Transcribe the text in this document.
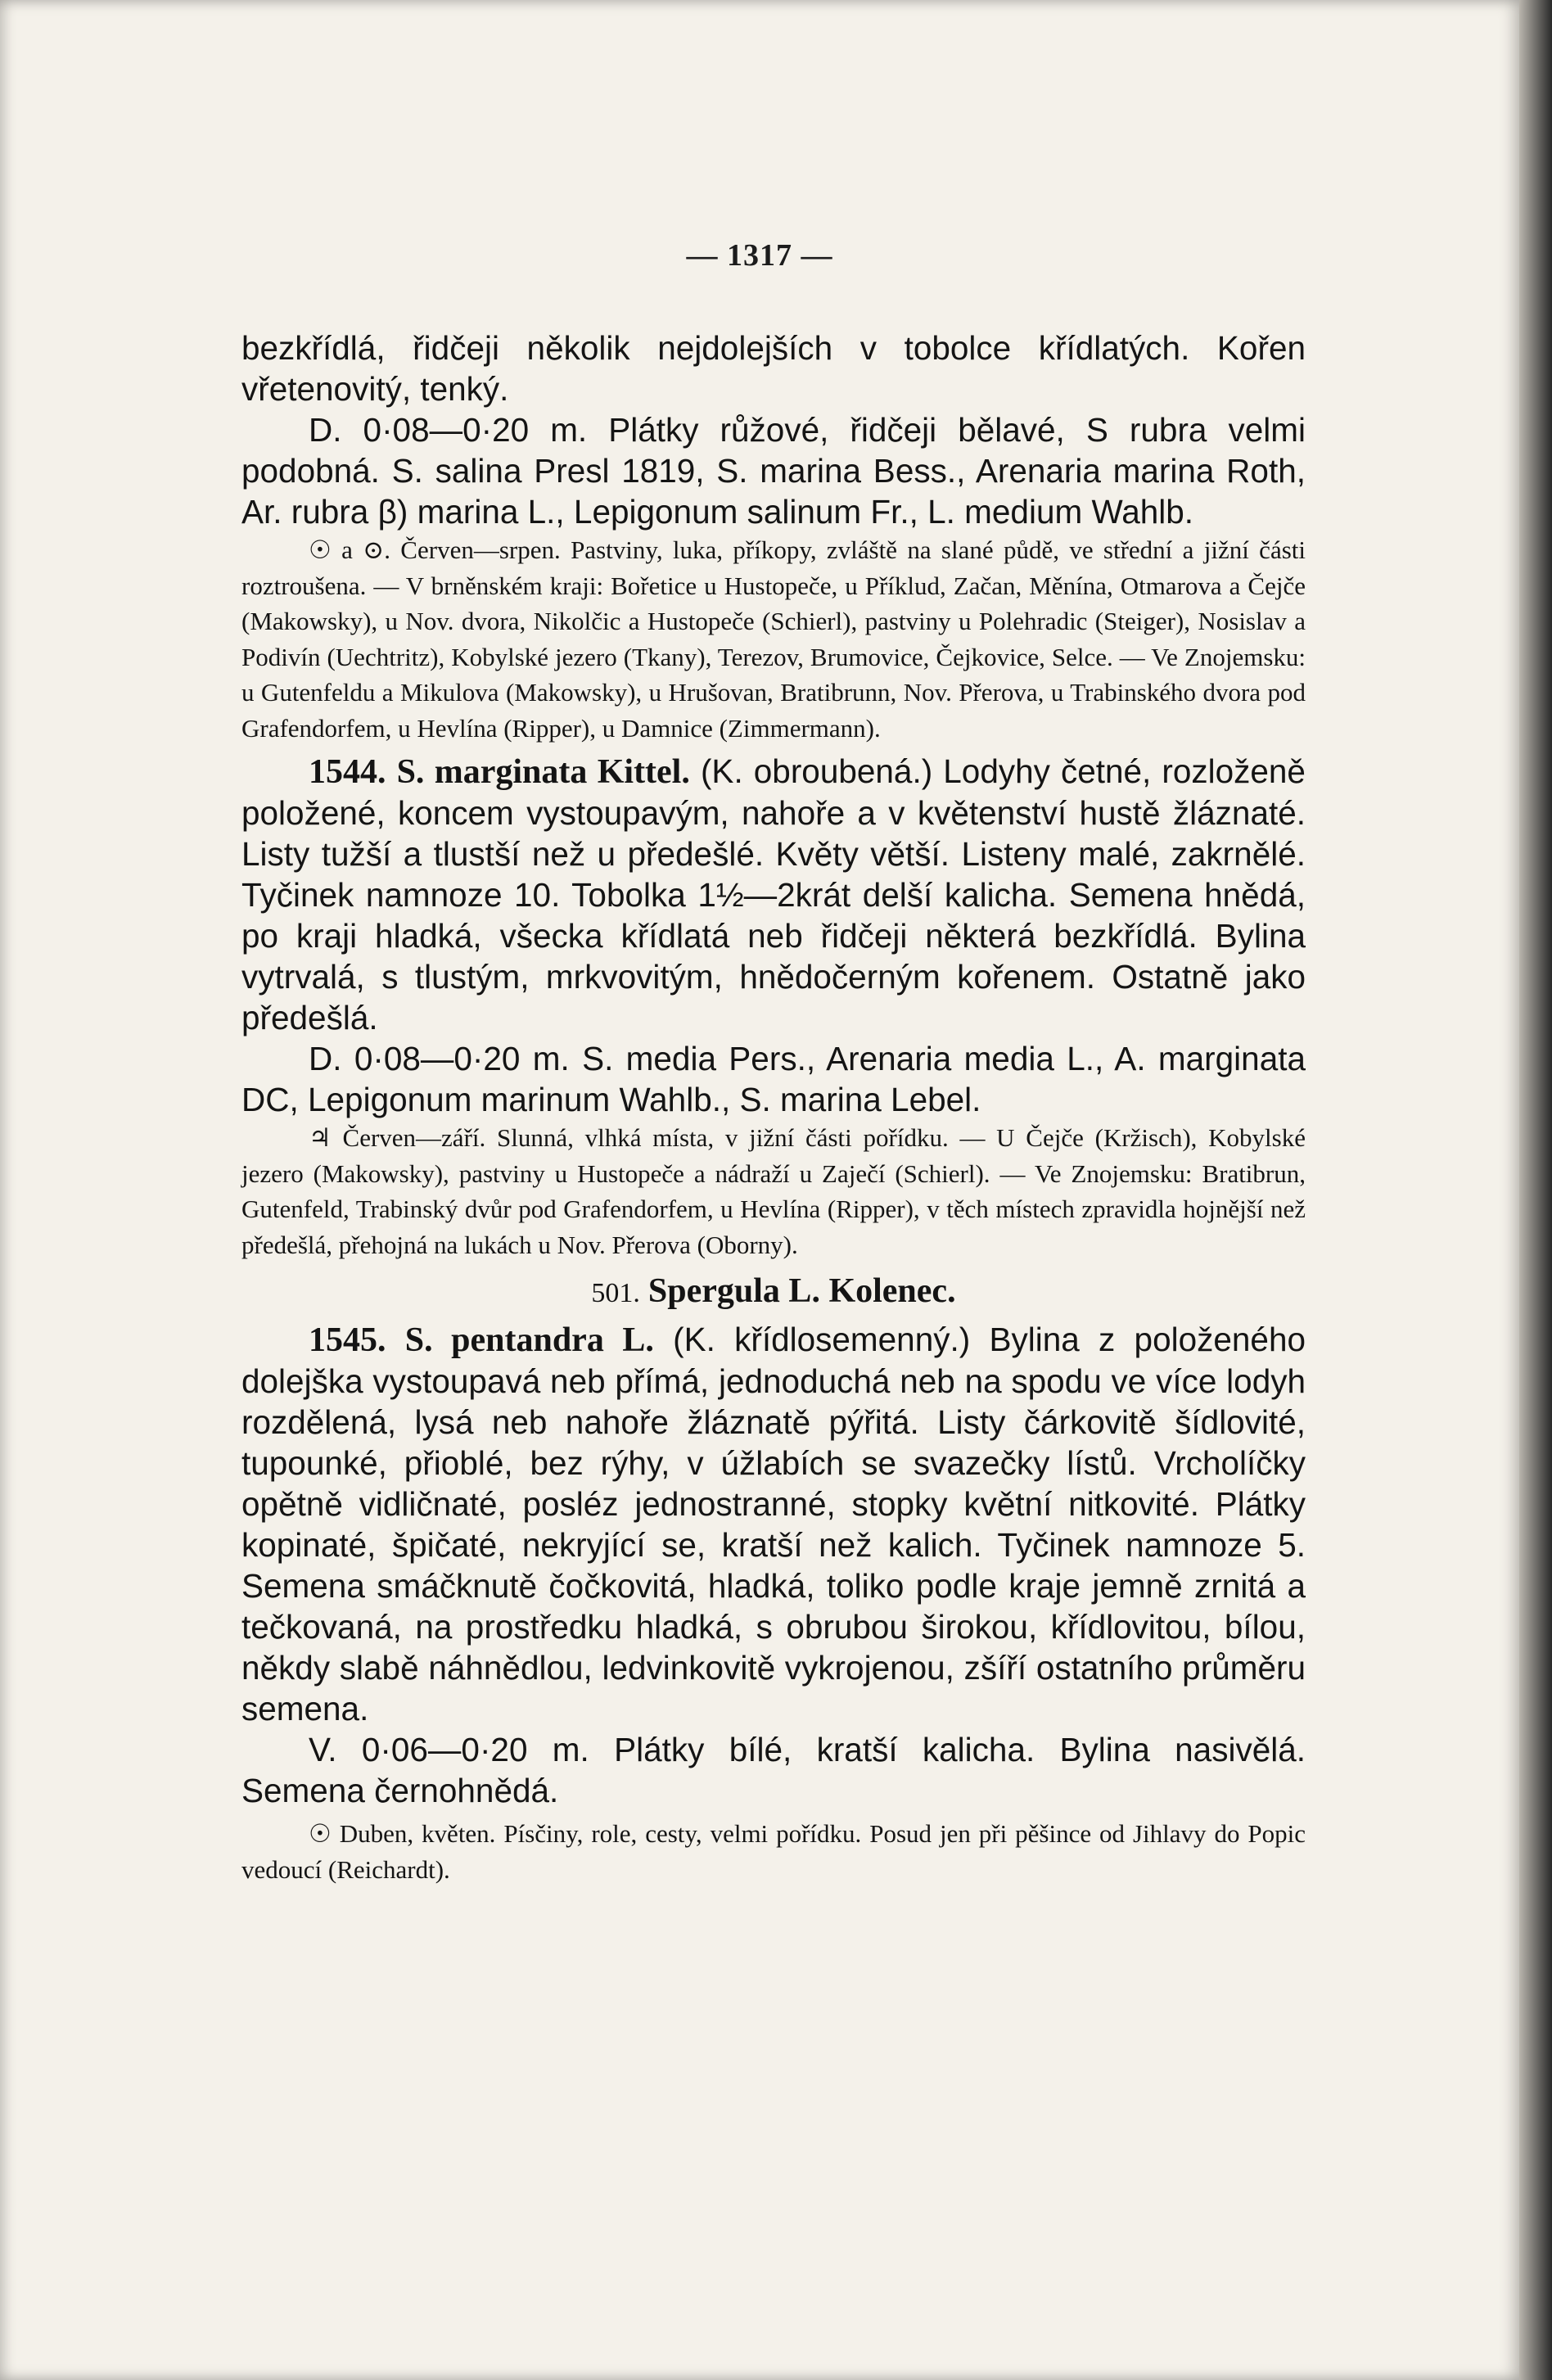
— 1317 —

bezkřídlá, řidčeji několik nejdolejších v tobolce křídlatých. Kořen vřetenovitý, tenký.

D. 0·08—0·20 m. Plátky růžové, řidčeji bělavé, S rubra velmi podobná. S. salina Presl 1819, S. marina Bess., Arenaria marina Roth, Ar. rubra β) marina L., Lepigonum salinum Fr., L. medium Wahlb.

☉ a ⊙. Červen—srpen. Pastviny, luka, příkopy, zvláště na slané půdě, ve střední a jižní části roztroušena. — V brněnském kraji: Bořetice u Hustopeče, u Příklud, Začan, Měnína, Otmarova a Čejče (Makowsky), u Nov. dvora, Nikolčic a Hustopeče (Schierl), pastviny u Polehradic (Steiger), Nosislav a Podivín (Uechtritz), Kobylské jezero (Tkany), Terezov, Brumovice, Čejkovice, Selce. — Ve Znojemsku: u Gutenfeldu a Mikulova (Makowsky), u Hrušovan, Bratibrunn, Nov. Přerova, u Trabinského dvora pod Grafendorfem, u Hevlína (Ripper), u Damnice (Zimmermann).

1544. S. marginata Kittel. (K. obroubená.) Lodyhy četné, rozloženě položené, koncem vystoupavým, nahoře a v květenství hustě žláznaté. Listy tužší a tlustší než u předešlé. Květy větší. Listeny malé, zakrnělé. Tyčinek namnoze 10. Tobolka 1½—2krát delší kalicha. Semena hnědá, po kraji hladká, všecka křídlatá neb řidčeji některá bezkřídlá. Bylina vytrvalá, s tlustým, mrkvovitým, hnědočerným kořenem. Ostatně jako předešlá.

D. 0·08—0·20 m. S. media Pers., Arenaria media L., A. marginata DC, Lepigonum marinum Wahlb., S. marina Lebel.

♃ Červen—září. Slunná, vlhká místa, v jižní části pořídku. — U Čejče (Kržisch), Kobylské jezero (Makowsky), pastviny u Hustopeče a nádraží u Zaječí (Schierl). — Ve Znojemsku: Bratibrun, Gutenfeld, Trabinský dvůr pod Grafendorfem, u Hevlína (Ripper), v těch místech zpravidla hojnější než předešlá, přehojná na lukách u Nov. Přerova (Oborny).

501. Spergula L. Kolenec.

1545. S. pentandra L. (K. křídlosemenný.) Bylina z položeného dolejška vystoupavá neb přímá, jednoduchá neb na spodu ve více lodyh rozdělená, lysá neb nahoře žláznatě pýřitá. Listy čárkovitě šídlovité, tupounké, přioblé, bez rýhy, v úžlabích se svazečky lístů. Vrcholíčky opětně vidličnaté, posléz jednostranné, stopky květní nitkovité. Plátky kopinaté, špičaté, nekryjící se, kratší než kalich. Tyčinek namnoze 5. Semena smáčknutě čočkovitá, hladká, toliko podle kraje jemně zrnitá a tečkovaná, na prostředku hladká, s obrubou širokou, křídlovitou, bílou, někdy slabě náhnědlou, ledvinkovitě vykrojenou, zšíří ostatního průměru semena.

V. 0·06—0·20 m. Plátky bílé, kratší kalicha. Bylina nasivělá. Semena černohnědá.

☉ Duben, květen. Písčiny, role, cesty, velmi pořídku. Posud jen při pěšince od Jihlavy do Popic vedoucí (Reichardt).
